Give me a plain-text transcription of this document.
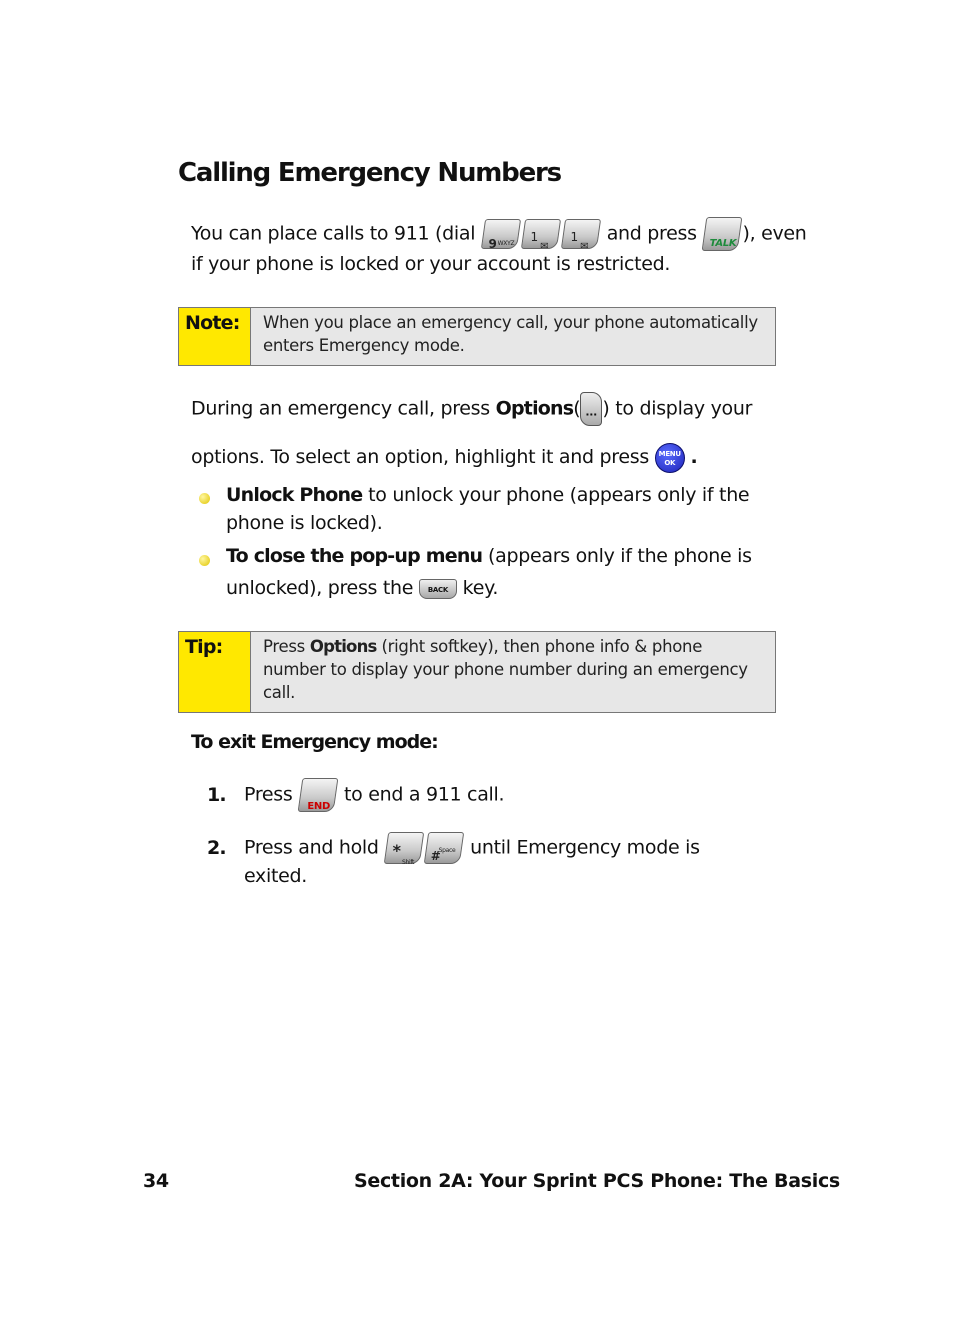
Calling Emergency Numbers
You can place calls to 911 (dial 9 WXYZ 1
✉
1
✉
and press TALK ), even
if your phone is locked or your account is restricted.
Note:	When you place an emergency call, your phone automatically enters Emergency mode.
During an emergency call, press Options( ··· ) to display your
options. To select an option, highlight it and press MENU
OK .
Unlock Phone to unlock your phone (appears only if the
phone is locked).
To close the pop-up menu (appears only if the phone is
unlocked), press the BACK key.
Tip:	Press Options (right softkey), then phone info & phone number to display your phone number during an emergency call.
To exit Emergency mode:
1. Press
END
to end a 911 call.
2. Press and hold *
Shift #
Space until Emergency mode is
exited.
34	Section 2A: Your Sprint PCS Phone: The Basics
